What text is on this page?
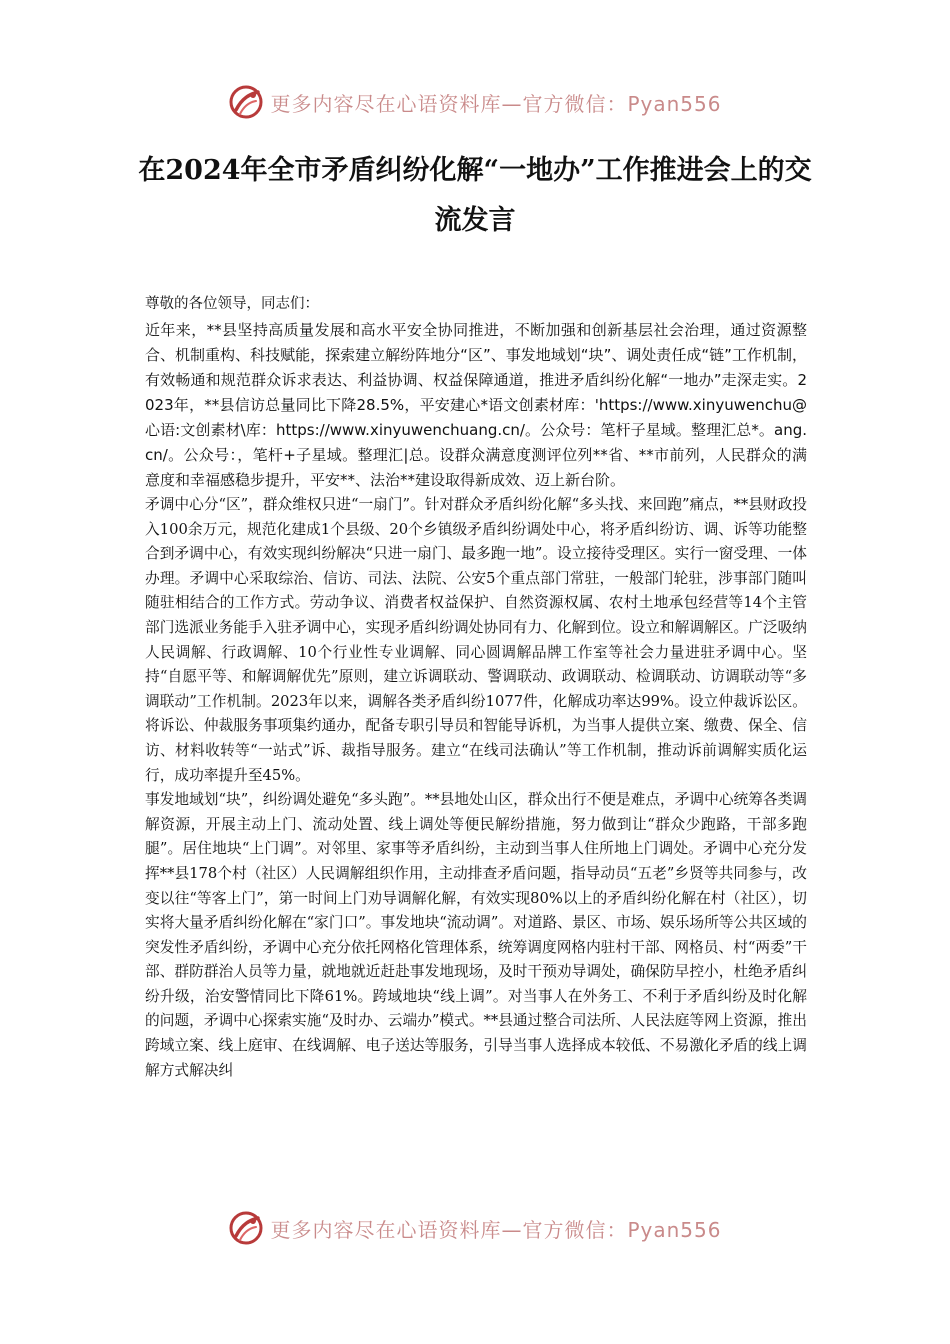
更多内容尽在心语资料库—官方微信：Pyan556
在2024年全市矛盾纠纷化解“一地办”工作推进会上的交流发言

尊敬的各位领导，同志们：

近年来，**县坚持高质量发展和高水平安全协同推进，不断加强和创新基层社会治理，通过资源整合、机制重构、科技赋能，探索建立解纷阵地分“区”、事发地域划“块”、调处责任成“链”工作机制，有效畅通和规范群众诉求表达、利益协调、权益保障通道，推进矛盾纠纷化解“一地办”走深走实。2023年，**县信访总量同比下降28.5%，平安建心*语文创素材库：'https://www.xinyuwenchu@心语:文创素材\库：https://www.xinyuwenchuang.cn/。公众号：笔杆子星域。整理汇总*。ang.cn/。公众号：，笔杆+子星域。整理汇|总。设群众满意度测评位列**省、**市前列，人民群众的满意度和幸福感稳步提升，平安**、法治**建设取得新成效、迈上新台阶。

矛调中心分“区”，群众维权只进“一扇门”。针对群众矛盾纠纷化解“多头找、来回跑”痛点，**县财政投入100余万元，规范化建成1个县级、20个乡镇级矛盾纠纷调处中心，将矛盾纠纷访、调、诉等功能整合到矛调中心，有效实现纠纷解决“只进一扇门、最多跑一地”。设立接待受理区。实行一窗受理、一体办理。矛调中心采取综治、信访、司法、法院、公安5个重点部门常驻，一般部门轮驻，涉事部门随叫随驻相结合的工作方式。劳动争议、消费者权益保护、自然资源权属、农村土地承包经营等14个主管部门选派业务能手入驻矛调中心，实现矛盾纠纷调处协同有力、化解到位。设立和解调解区。广泛吸纳人民调解、行政调解、10个行业性专业调解、同心圆调解品牌工作室等社会力量进驻矛调中心。坚持“自愿平等、和解调解优先”原则，建立诉调联动、警调联动、政调联动、检调联动、访调联动等“多调联动”工作机制。2023年以来，调解各类矛盾纠纷1077件，化解成功率达99%。设立仲裁诉讼区。将诉讼、仲裁服务事项集约通办，配备专职引导员和智能导诉机，为当事人提供立案、缴费、保全、信访、材料收转等“一站式”诉、裁指导服务。建立“在线司法确认”等工作机制，推动诉前调解实质化运行，成功率提升至45%。

事发地域划“块”，纠纷调处避免“多头跑”。**县地处山区，群众出行不便是难点，矛调中心统筹各类调解资源，开展主动上门、流动处置、线上调处等便民解纷措施，努力做到让“群众少跑路，干部多跑腿”。居住地块“上门调”。对邻里、家事等矛盾纠纷，主动到当事人住所地上门调处。矛调中心充分发挥**县178个村（社区）人民调解组织作用，主动排查矛盾问题，指导动员“五老”乡贤等共同参与，改变以往“等客上门”，第一时间上门劝导调解化解，有效实现80%以上的矛盾纠纷化解在村（社区），切实将大量矛盾纠纷化解在“家门口”。事发地块“流动调”。对道路、景区、市场、娱乐场所等公共区域的突发性矛盾纠纷，矛调中心充分依托网格化管理体系，统筹调度网格内驻村干部、网格员、村“两委”干部、群防群治人员等力量，就地就近赶赴事发地现场，及时干预劝导调处，确保防早控小，杜绝矛盾纠纷升级，治安警情同比下降61%。跨域地块“线上调”。对当事人在外务工、不利于矛盾纠纷及时化解的问题，矛调中心探索实施“及时办、云端办”模式。**县通过整合司法所、人民法庭等网上资源，推出跨域立案、线上庭审、在线调解、电子送达等服务，引导当事人选择成本较低、不易激化矛盾的线上调解方式解决纠

更多内容尽在心语资料库—官方微信：Pyan556
